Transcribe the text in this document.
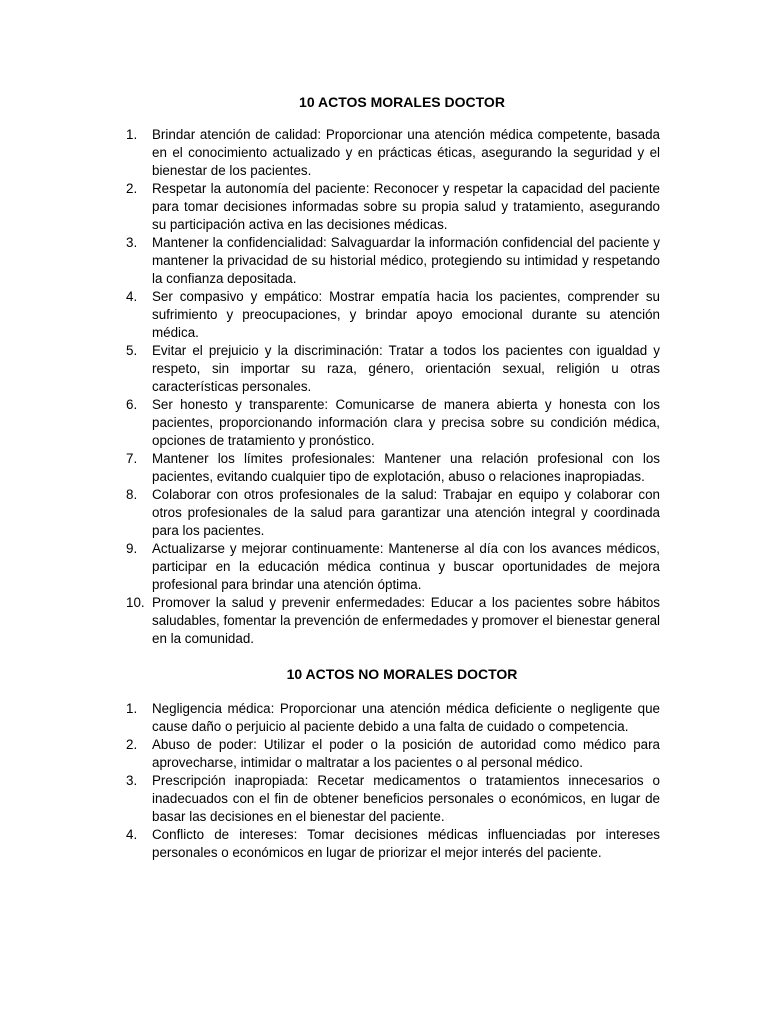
10 ACTOS MORALES DOCTOR
1.	Brindar atención de calidad: Proporcionar una atención médica competente, basada en el conocimiento actualizado y en prácticas éticas, asegurando la seguridad y el bienestar de los pacientes.
2.	Respetar la autonomía del paciente: Reconocer y respetar la capacidad del paciente para tomar decisiones informadas sobre su propia salud y tratamiento, asegurando su participación activa en las decisiones médicas.
3.	Mantener la confidencialidad: Salvaguardar la información confidencial del paciente y mantener la privacidad de su historial médico, protegiendo su intimidad y respetando la confianza depositada.
4.	Ser compasivo y empático: Mostrar empatía hacia los pacientes, comprender su sufrimiento y preocupaciones, y brindar apoyo emocional durante su atención médica.
5.	Evitar el prejuicio y la discriminación: Tratar a todos los pacientes con igualdad y respeto, sin importar su raza, género, orientación sexual, religión u otras características personales.
6.	Ser honesto y transparente: Comunicarse de manera abierta y honesta con los pacientes, proporcionando información clara y precisa sobre su condición médica, opciones de tratamiento y pronóstico.
7.	Mantener los límites profesionales: Mantener una relación profesional con los pacientes, evitando cualquier tipo de explotación, abuso o relaciones inapropiadas.
8.	Colaborar con otros profesionales de la salud: Trabajar en equipo y colaborar con otros profesionales de la salud para garantizar una atención integral y coordinada para los pacientes.
9.	Actualizarse y mejorar continuamente: Mantenerse al día con los avances médicos, participar en la educación médica continua y buscar oportunidades de mejora profesional para brindar una atención óptima.
10. Promover la salud y prevenir enfermedades: Educar a los pacientes sobre hábitos saludables, fomentar la prevención de enfermedades y promover el bienestar general en la comunidad.
10 ACTOS NO MORALES DOCTOR
1.	Negligencia médica: Proporcionar una atención médica deficiente o negligente que cause daño o perjuicio al paciente debido a una falta de cuidado o competencia.
2.	Abuso de poder: Utilizar el poder o la posición de autoridad como médico para aprovecharse, intimidar o maltratar a los pacientes o al personal médico.
3.	Prescripción inapropiada: Recetar medicamentos o tratamientos innecesarios o inadecuados con el fin de obtener beneficios personales o económicos, en lugar de basar las decisiones en el bienestar del paciente.
4.	Conflicto de intereses: Tomar decisiones médicas influenciadas por intereses personales o económicos en lugar de priorizar el mejor interés del paciente.
